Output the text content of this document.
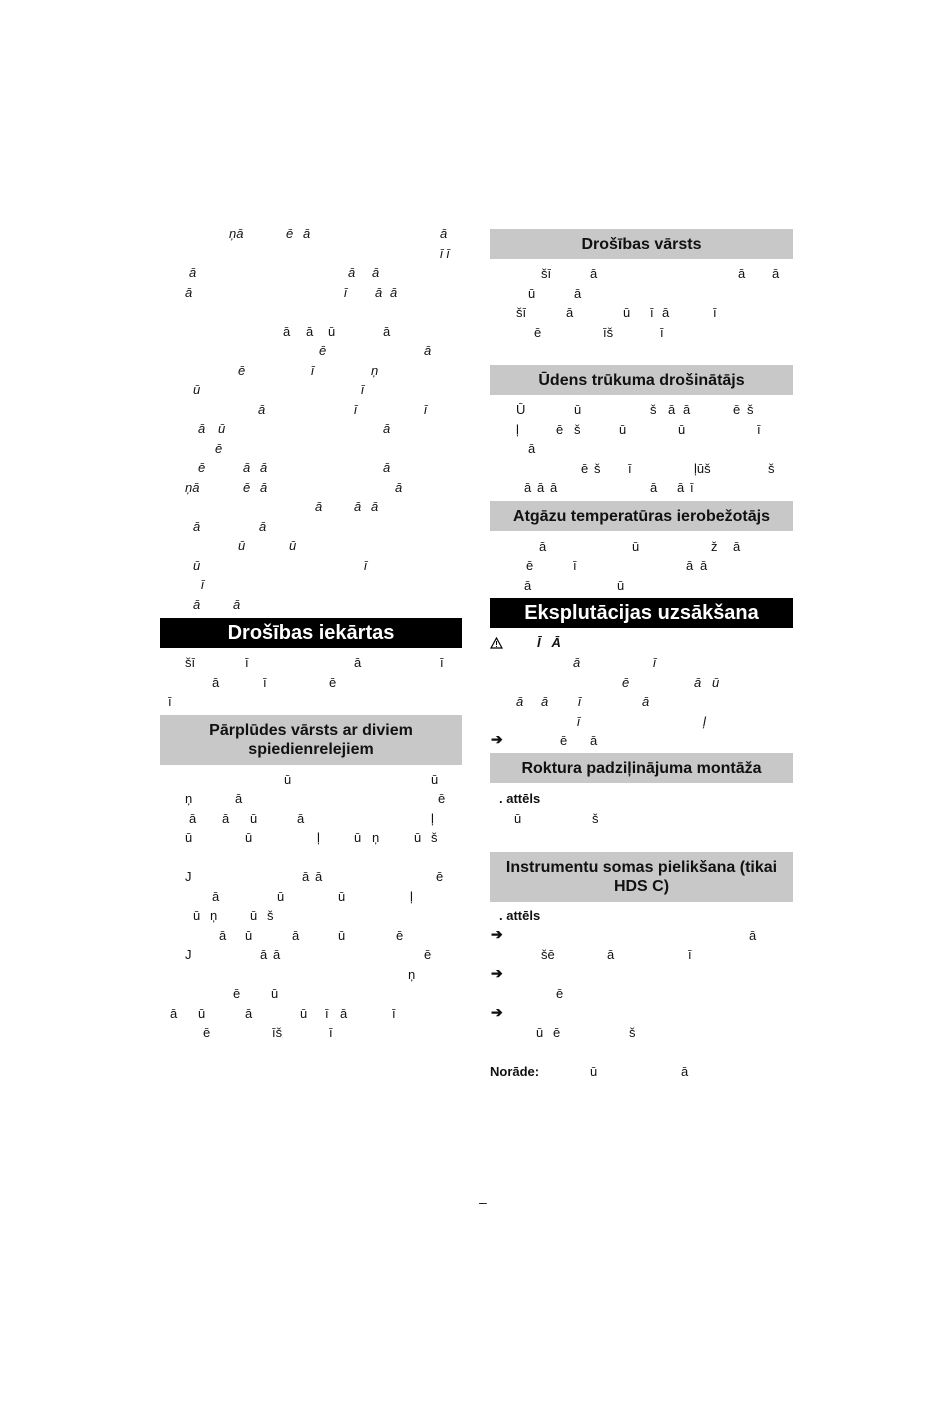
Drošības iekārtas
Pārplūdes vārsts ar diviem spiedienrelejiem
Drošības vārsts
Ūdens trūkuma drošinātājs
Atgāzu temperatūras ierobežotājs
Eksplutācijas uzsākšana
Ī   Ā
➔
Roktura padziļinājuma montāža
. attēls
Instrumentu somas pielikšana (tikai HDS C)
. attēls
➔
➔
➔
Norāde:
–
ņā	ē ā	ā
ī ī
ā	ā ā
ā	ī ā ā
ā ā ū	ā
ē	ā
ē	ī	ņ
ū	ī
ā	ī	ī
ā ū	ā
ē
ē	ā ā	ā
ņā	ē ā	ā
ā ā ā
ā	ā
ū	ū
ū	ī
ī
ā	ā
šī	ī	ā	ī
ā	ī	ē
ī
ū	ū
ņ	ā	ē
ā ā ū	ā	ļ
ū	ū	ļ	ū ņ	ū š
J	ā ā	ē
ā	ū	ū	ļ
ū ņ	ū š
ā ū	ā	ū	ē
J	ā ā	ē
ņ
ē ū
ā ū	ā	ū ī ā	ī
ē	īš	ī
šī	ā	ā ā
ū	ā
šī	ā	ū ī ā	ī
ē	īš	ī
Ū	ū	š ā ā	ē š
ļ	ē š	ū	ū	ī
ā
ē š ī	ļūš	š
ā ā ā	ā ā ī
ā	ū	ž ā
ē	ī	ā ā
ā	ū
ā	ī
ē	ā ū
ā ā ī	ā
ī	ļ
ē ā
ū	š
ā
šē	ā	ī
ē
ū ē	š
ū	ā
